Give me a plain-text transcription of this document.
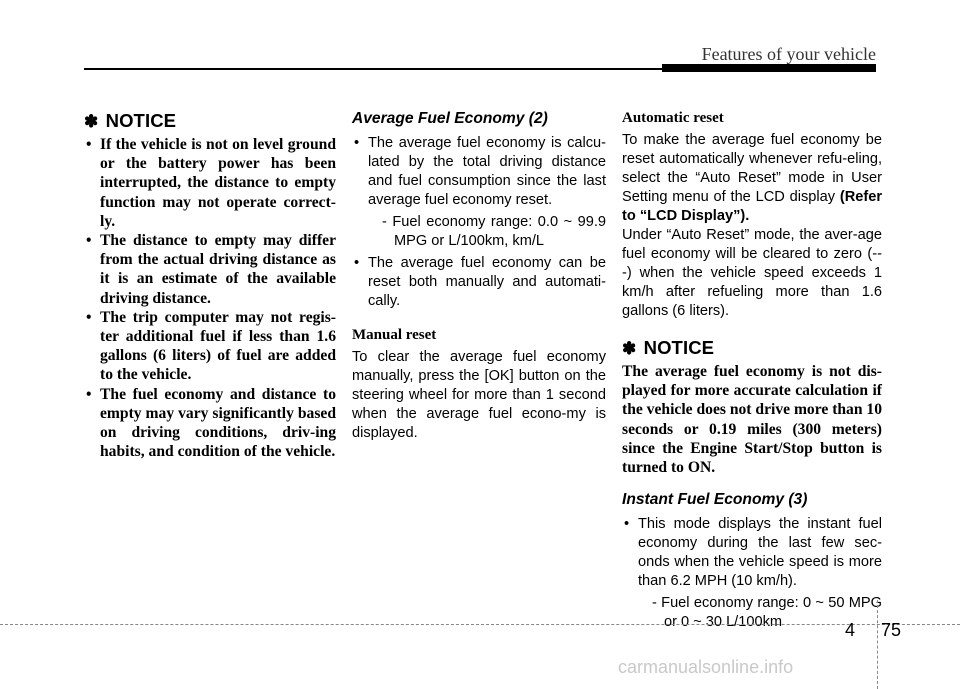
Features of your vehicle
✽ NOTICE
• If the vehicle is not on level ground or the battery power has been interrupted, the distance to empty function may not operate correct-ly.
• The distance to empty may differ from the actual driving distance as it is an estimate of the available driving distance.
• The trip computer may not regis-ter additional fuel if less than 1.6 gallons (6 liters) of fuel are added to the vehicle.
• The fuel economy and distance to empty may vary significantly based on driving conditions, driv-ing habits, and condition of the vehicle.
Average Fuel Economy (2)
• The average fuel economy is calcu-lated by the total driving distance and fuel consumption since the last average fuel economy reset.
- Fuel economy range: 0.0 ~ 99.9 MPG or L/100km, km/L
• The average fuel economy can be reset both manually and automati-cally.
Manual reset

To clear the average fuel economy manually, press the [OK] button on the steering wheel for more than 1 second when the average fuel econo-my is displayed.

Automatic reset

To make the average fuel economy be reset automatically whenever refu-eling, select the “Auto Reset” mode in User Setting menu of the LCD display (Refer to “LCD Display”).

Under “Auto Reset” mode, the aver-age fuel economy will be cleared to zero (---) when the vehicle speed exceeds 1 km/h after refueling more than 1.6 gallons (6 liters).

✽ NOTICE

The average fuel economy is not dis-played for more accurate calculation if the vehicle does not drive more than 10 seconds or 0.19 miles (300 meters) since the Engine Start/Stop button is turned to ON.

Instant Fuel Economy (3)
• This mode displays the instant fuel economy during the last few sec-onds when the vehicle speed is more than 6.2 MPH (10 km/h).
- Fuel economy range: 0 ~ 50 MPG or 0 ~ 30 L/100km	4 75
carmanualsonline.info
